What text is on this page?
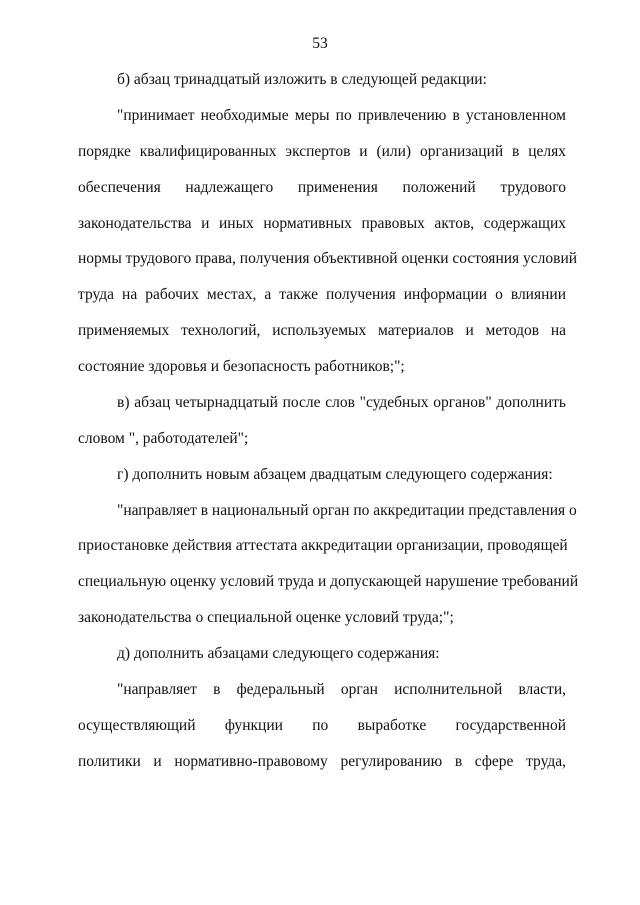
53
б) абзац тринадцатый изложить в следующей редакции:
"принимает необходимые меры по привлечению в установленном
порядке квалифицированных экспертов и (или) организаций в целях
обеспечения надлежащего применения положений трудового
законодательства и иных нормативных правовых актов, содержащих
нормы трудового права, получения объективной оценки состояния условий
труда на рабочих местах, а также получения информации о влиянии
применяемых технологий, используемых материалов и методов на
состояние здоровья и безопасность работников;";
в) абзац четырнадцатый после слов "судебных органов" дополнить
словом ", работодателей";
г) дополнить новым абзацем двадцатым следующего содержания:
"направляет в национальный орган по аккредитации представления о
приостановке действия аттестата аккредитации организации, проводящей
специальную оценку условий труда и допускающей нарушение требований
законодательства о специальной оценке условий труда;";
д) дополнить абзацами следующего содержания:
"направляет в федеральный орган исполнительной власти,
осуществляющий функции по выработке государственной
политики и нормативно-правовому регулированию в сфере труда,
